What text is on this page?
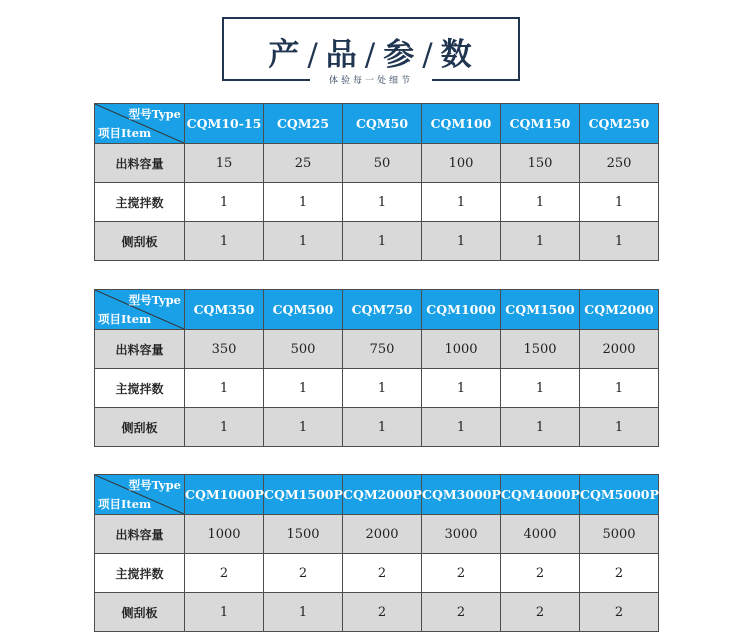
产 / 品 / 参 / 数
体验每一处细节
型号Type
项目Item	CQM10-15	CQM25	CQM50	CQM100	CQM150	CQM250
出料容量	15	25	50	100	150	250
主搅拌数	1	1	1	1	1	1
侧刮板	1	1	1	1	1	1
型号Type
项目Item	CQM350	CQM500	CQM750	CQM1000	CQM1500	CQM2000
出料容量	350	500	750	1000	1500	2000
主搅拌数	1	1	1	1	1	1
侧刮板	1	1	1	1	1	1
型号Type
项目Item	CQM1000P	CQM1500P	CQM2000P	CQM3000P	CQM4000P	CQM5000P
出料容量	1000	1500	2000	3000	4000	5000
主搅拌数	2	2	2	2	2	2
侧刮板	1	1	2	2	2	2
